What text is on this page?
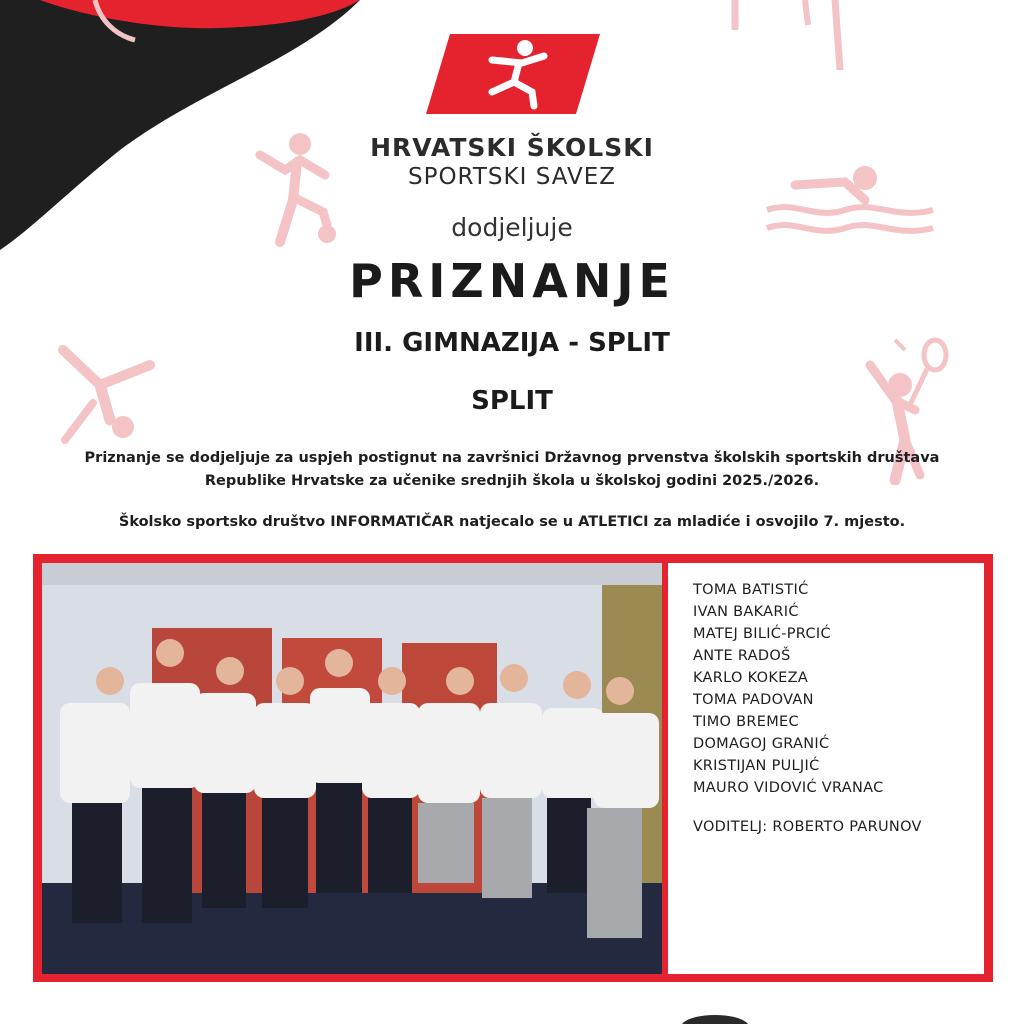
HRVATSKI ŠKOLSKI
SPORTSKI SAVEZ
dodjeljuje
PRIZNANJE
III. GIMNAZIJA - SPLIT
SPLIT
Priznanje se dodjeljuje za uspjeh postignut na završnici Državnog prvenstva školskih sportskih društava
Republike Hrvatske za učenike srednjih škola u školskoj godini 2025./2026.
Školsko sportsko društvo INFORMATIČAR natjecalo se u ATLETICI za mladiće i osvojilo 7. mjesto.
TOMA BATISTIĆ
IVAN BAKARIĆ
MATEJ BILIĆ-PRCIĆ
ANTE RADOŠ
KARLO KOKEZA
TOMA PADOVAN
TIMO BREMEC
DOMAGOJ GRANIĆ
KRISTIJAN PULJIĆ
MAURO VIDOVIĆ VRANAC
VODITELJ: ROBERTO PARUNOV
